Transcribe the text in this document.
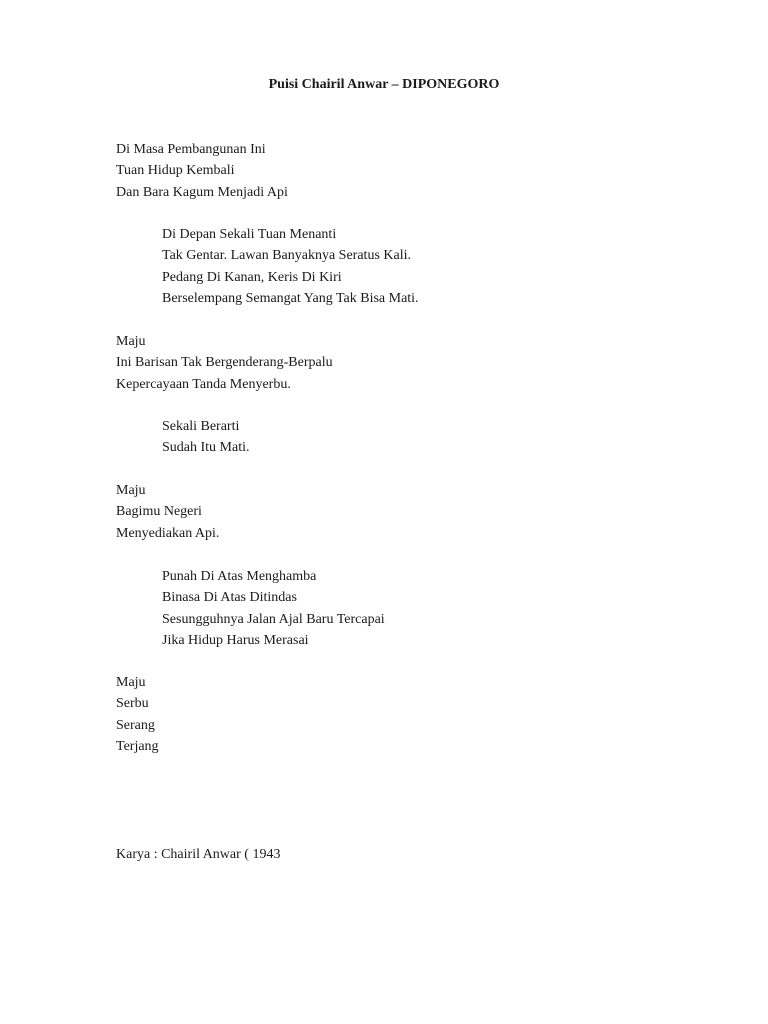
Puisi Chairil Anwar – DIPONEGORO
Di Masa Pembangunan Ini
Tuan Hidup Kembali
Dan Bara Kagum Menjadi Api
Di Depan Sekali Tuan Menanti
Tak Gentar. Lawan Banyaknya Seratus Kali.
Pedang Di Kanan, Keris Di Kiri
Berselempang Semangat Yang Tak Bisa Mati.
Maju
Ini Barisan Tak Bergenderang-Berpalu
Kepercayaan Tanda Menyerbu.
Sekali Berarti
Sudah Itu Mati.
Maju
Bagimu Negeri
Menyediakan Api.
Punah Di Atas Menghamba
Binasa Di Atas Ditindas
Sesungguhnya Jalan Ajal Baru Tercapai
Jika Hidup Harus Merasai
Maju
Serbu
Serang
Terjang
Karya : Chairil Anwar ( 1943
